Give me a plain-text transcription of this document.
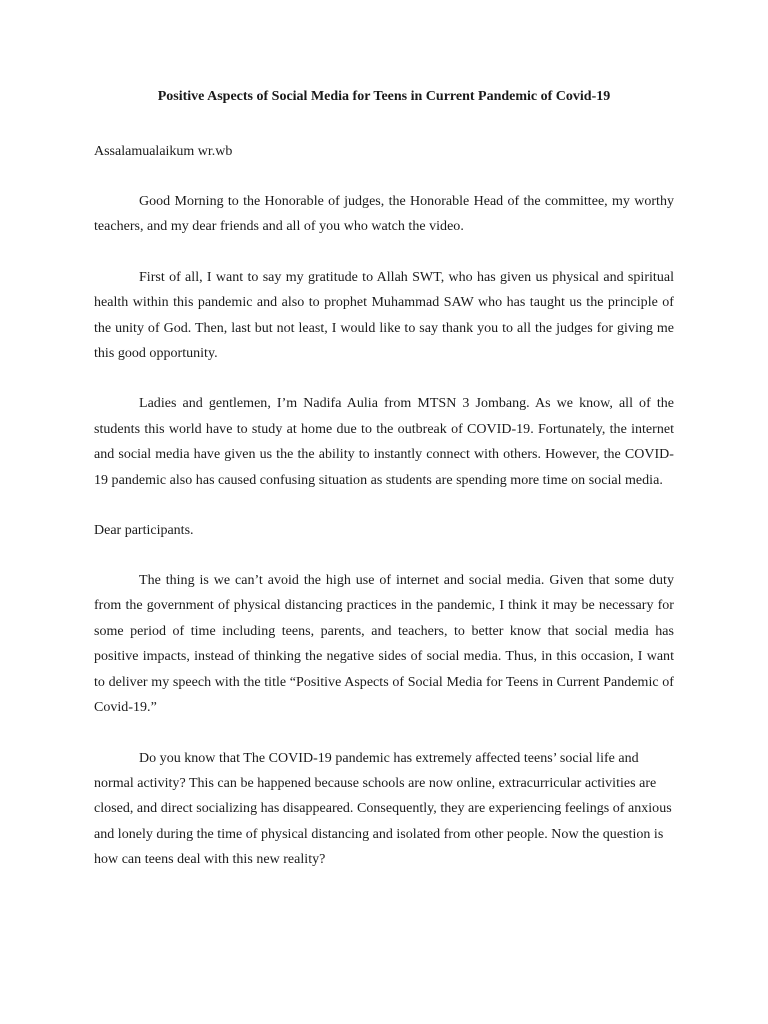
Positive Aspects of Social Media for Teens in Current Pandemic of Covid-19

Assalamualaikum wr.wb

Good Morning to the Honorable of judges, the Honorable Head of the committee, my worthy teachers, and my dear friends and all of you who watch the video.

First of all, I want to say my gratitude to Allah SWT, who has given us physical and spiritual health within this pandemic and also to prophet Muhammad SAW who has taught us the principle of the unity of God. Then, last but not least, I would like to say thank you to all the judges for giving me this good opportunity.

Ladies and gentlemen, I’m Nadifa Aulia from MTSN 3 Jombang. As we know, all of the students this world have to study at home due to the outbreak of COVID-19. Fortunately, the internet and social media have given us the the ability to instantly connect with others. However, the COVID-19 pandemic also has caused confusing situation as students are spending more time on social media.

Dear participants.

The thing is we can’t avoid the high use of internet and social media. Given that some duty from the government of physical distancing practices in the pandemic, I think it may be necessary for some period of time including teens, parents, and teachers, to better know that social media has positive impacts, instead of thinking the negative sides of social media. Thus, in this occasion, I want to deliver my speech with the title “Positive Aspects of Social Media for Teens in Current Pandemic of Covid-19.”

Do you know that The COVID-19 pandemic has extremely affected teens’ social life and normal activity? This can be happened because schools are now online, extracurricular activities are closed, and direct socializing has disappeared. Consequently, they are experiencing feelings of anxious and lonely during the time of physical distancing and isolated from other people. Now the question is how can teens deal with this new reality?
